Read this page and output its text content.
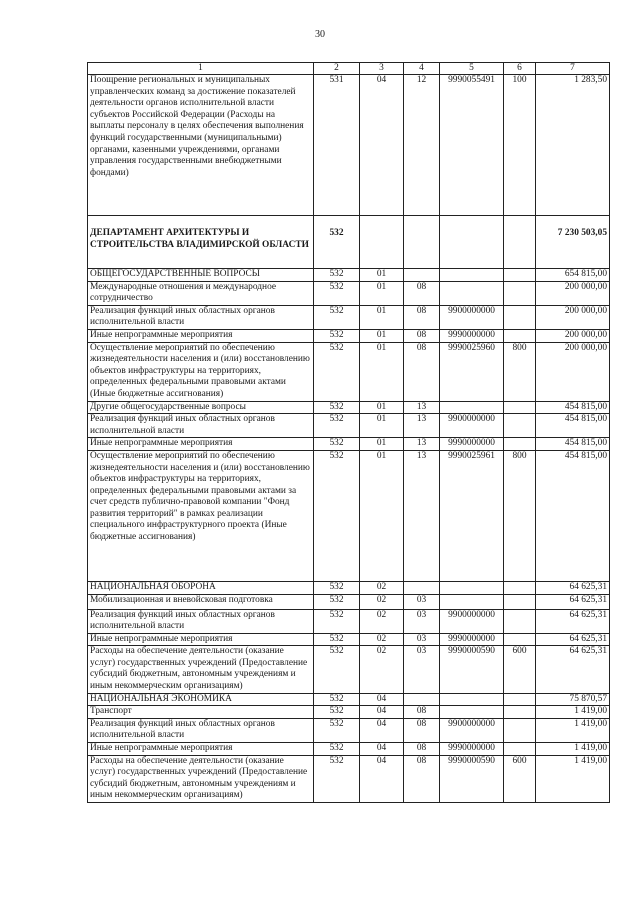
30
1	2	3	4	5	6	7
Поощрение региональных и муниципальных управленческих команд за достижение показателей деятельности органов исполнительной власти субъектов Российской Федерации (Расходы на выплаты персоналу в целях обеспечения выполнения функций государственными (муниципальными) органами, казенными учреждениями, органами управления государственными внебюджетными фондами)	531	04	12	9990055491	100	1 283,50
ДЕПАРТАМЕНТ АРХИТЕКТУРЫ И СТРОИТЕЛЬСТВА ВЛАДИМИРСКОЙ ОБЛАСТИ	532					7 230 503,05
ОБЩЕГОСУДАРСТВЕННЫЕ ВОПРОСЫ	532	01				654 815,00
Международные отношения и международное сотрудничество	532	01	08			200 000,00
Реализация функций иных областных органов исполнительной власти	532	01	08	9900000000		200 000,00
Иные непрограммные мероприятия	532	01	08	9990000000		200 000,00
Осуществление мероприятий по обеспечению жизнедеятельности населения и (или) восстановлению объектов инфраструктуры на территориях, определенных федеральными правовыми актами (Иные бюджетные ассигнования)	532	01	08	9990025960	800	200 000,00
Другие общегосударственные вопросы	532	01	13			454 815,00
Реализация функций иных областных органов исполнительной власти	532	01	13	9900000000		454 815,00
Иные непрограммные мероприятия	532	01	13	9990000000		454 815,00
Осуществление мероприятий по обеспечению жизнедеятельности населения и (или) восстановлению объектов инфраструктуры на территориях, определенных федеральными правовыми актами за счет средств публично-правовой компании "Фонд развития территорий" в рамках реализации специального инфраструктурного проекта (Иные бюджетные ассигнования)	532	01	13	9990025961	800	454 815,00
НАЦИОНАЛЬНАЯ ОБОРОНА	532	02				64 625,31
Мобилизационная и вневойсковая подготовка	532	02	03			64 625,31
Реализация функций иных областных органов исполнительной власти	532	02	03	9900000000		64 625,31
Иные непрограммные мероприятия	532	02	03	9990000000		64 625,31
Расходы на обеспечение деятельности (оказание услуг) государственных учреждений (Предоставление субсидий бюджетным, автономным учреждениям и иным некоммерческим организациям)	532	02	03	9990000590	600	64 625,31
НАЦИОНАЛЬНАЯ ЭКОНОМИКА	532	04				75 870,57
Транспорт	532	04	08			1 419,00
Реализация функций иных областных органов исполнительной власти	532	04	08	9900000000		1 419,00
Иные непрограммные мероприятия	532	04	08	9990000000		1 419,00
Расходы на обеспечение деятельности (оказание услуг) государственных учреждений (Предоставление субсидий бюджетным, автономным учреждениям и иным некоммерческим организациям)	532	04	08	9990000590	600	1 419,00
